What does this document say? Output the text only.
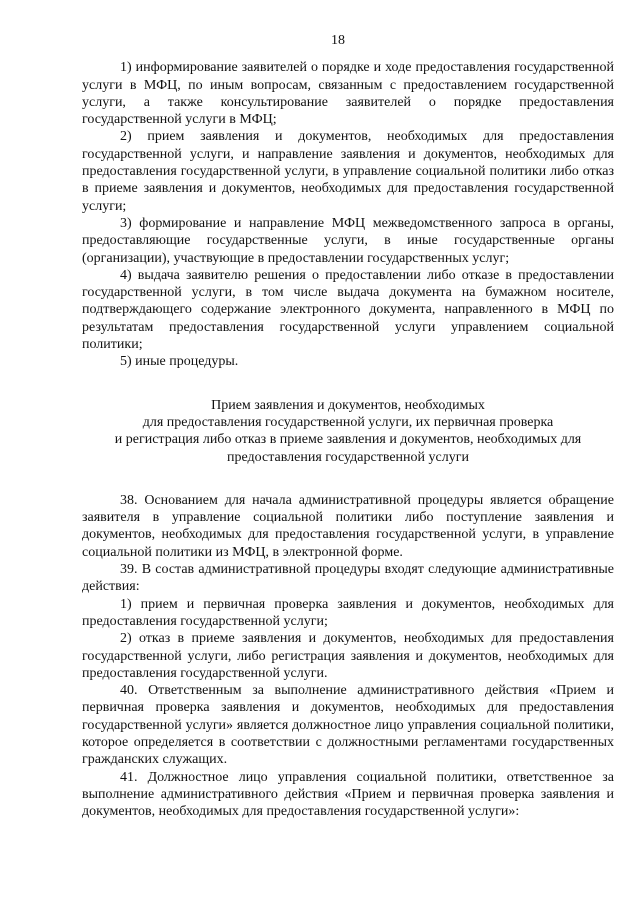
18

1) информирование заявителей о порядке и ходе предоставления государственной услуги в МФЦ, по иным вопросам, связанным с предоставлением государственной услуги, а также консультирование заявителей о порядке предоставления государственной услуги в МФЦ;

2) прием заявления и документов, необходимых для предоставления государственной услуги, и направление заявления и документов, необходимых для предоставления государственной услуги, в управление социальной политики либо отказ в приеме заявления и документов, необходимых для предоставления государственной услуги;

3) формирование и направление МФЦ межведомственного запроса в органы, предоставляющие государственные услуги, в иные государственные органы (организации), участвующие в предоставлении государственных услуг;

4) выдача заявителю решения о предоставлении либо отказе в предоставлении государственной услуги, в том числе выдача документа на бумажном носителе, подтверждающего содержание электронного документа, направленного в МФЦ по результатам предоставления государственной услуги управлением социальной политики;

5) иные процедуры.

Прием заявления и документов, необходимых
для предоставления государственной услуги, их первичная проверка
и регистрация либо отказ в приеме заявления и документов, необходимых для
предоставления государственной услуги

38. Основанием для начала административной процедуры является обращение заявителя в управление социальной политики либо поступление заявления и документов, необходимых для предоставления государственной услуги, в управление социальной политики из МФЦ, в электронной форме.

39. В состав административной процедуры входят следующие административные действия:

1) прием и первичная проверка заявления и документов, необходимых для предоставления государственной услуги;

2) отказ в приеме заявления и документов, необходимых для предоставления государственной услуги, либо регистрация заявления и документов, необходимых для предоставления государственной услуги.

40. Ответственным за выполнение административного действия «Прием и первичная проверка заявления и документов, необходимых для предоставления государственной услуги» является должностное лицо управления социальной политики, которое определяется в соответствии с должностными регламентами государственных гражданских служащих.

41. Должностное лицо управления социальной политики, ответственное за выполнение административного действия «Прием и первичная проверка заявления и документов, необходимых для предоставления государственной услуги»:
